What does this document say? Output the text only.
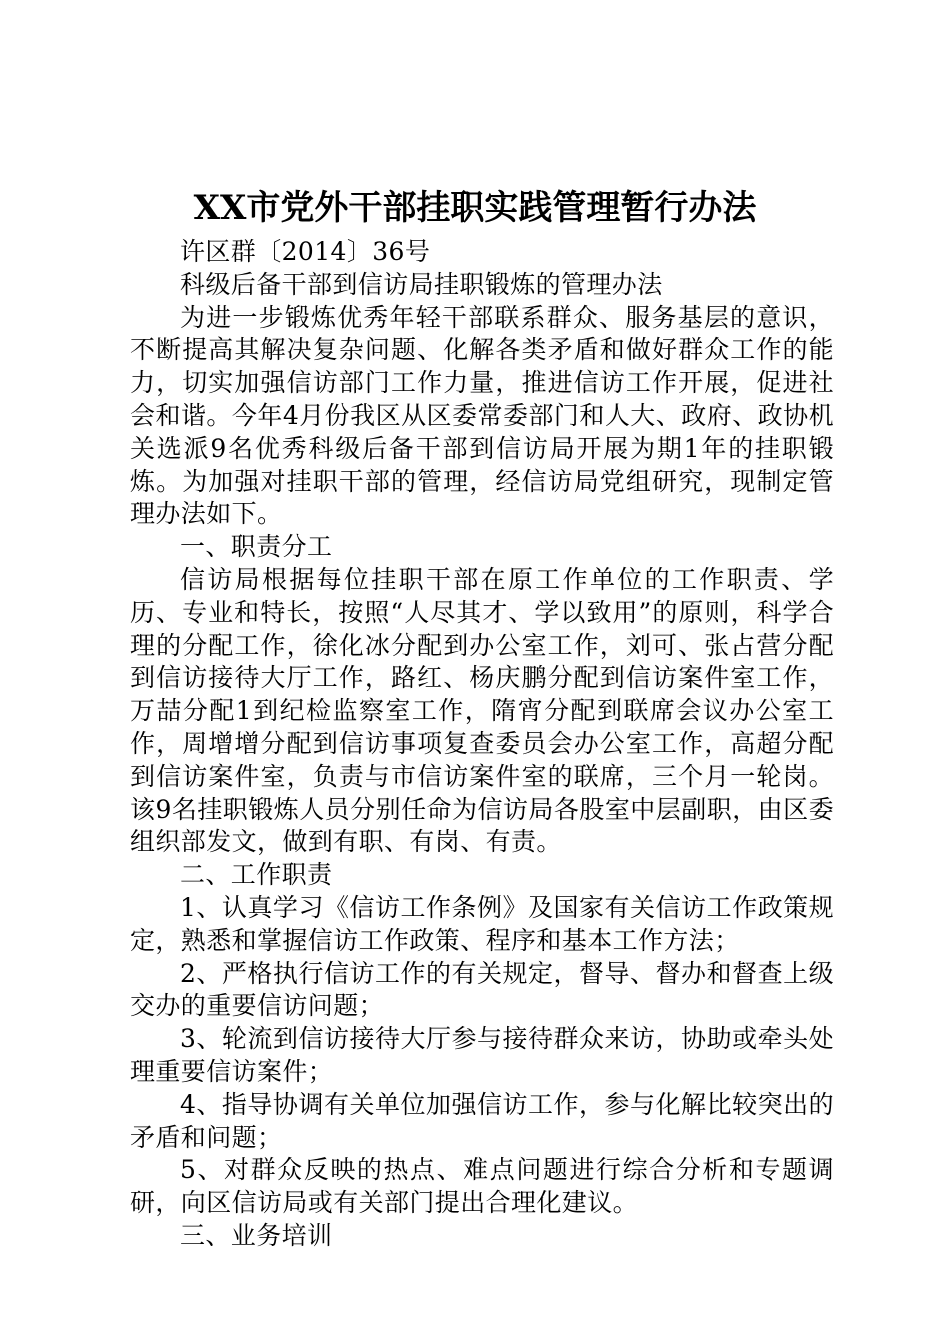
XX市党外干部挂职实践管理暂行办法

许区群〔2014〕36号

科级后备干部到信访局挂职锻炼的管理办法

为进一步锻炼优秀年轻干部联系群众、服务基层的意识，不断提高其解决复杂问题、化解各类矛盾和做好群众工作的能力，切实加强信访部门工作力量，推进信访工作开展，促进社会和谐。今年4月份我区从区委常委部门和人大、政府、政协机关选派9名优秀科级后备干部到信访局开展为期1年的挂职锻炼。为加强对挂职干部的管理，经信访局党组研究，现制定管理办法如下。

一、职责分工

信访局根据每位挂职干部在原工作单位的工作职责、学历、专业和特长，按照“人尽其才、学以致用”的原则，科学合理的分配工作，徐化冰分配到办公室工作，刘可、张占营分配到信访接待大厅工作，路红、杨庆鹏分配到信访案件室工作，万喆分配1到纪检监察室工作，隋宵分配到联席会议办公室工作，周增增分配到信访事项复查委员会办公室工作，高超分配到信访案件室，负责与市信访案件室的联席，三个月一轮岗。该9名挂职锻炼人员分别任命为信访局各股室中层副职，由区委组织部发文，做到有职、有岗、有责。

二、工作职责

1、认真学习《信访工作条例》及国家有关信访工作政策规定，熟悉和掌握信访工作政策、程序和基本工作方法；

2、严格执行信访工作的有关规定，督导、督办和督查上级交办的重要信访问题；

3、轮流到信访接待大厅参与接待群众来访，协助或牵头处理重要信访案件；

4、指导协调有关单位加强信访工作，参与化解比较突出的矛盾和问题；

5、对群众反映的热点、难点问题进行综合分析和专题调研，向区信访局或有关部门提出合理化建议。

三、业务培训
